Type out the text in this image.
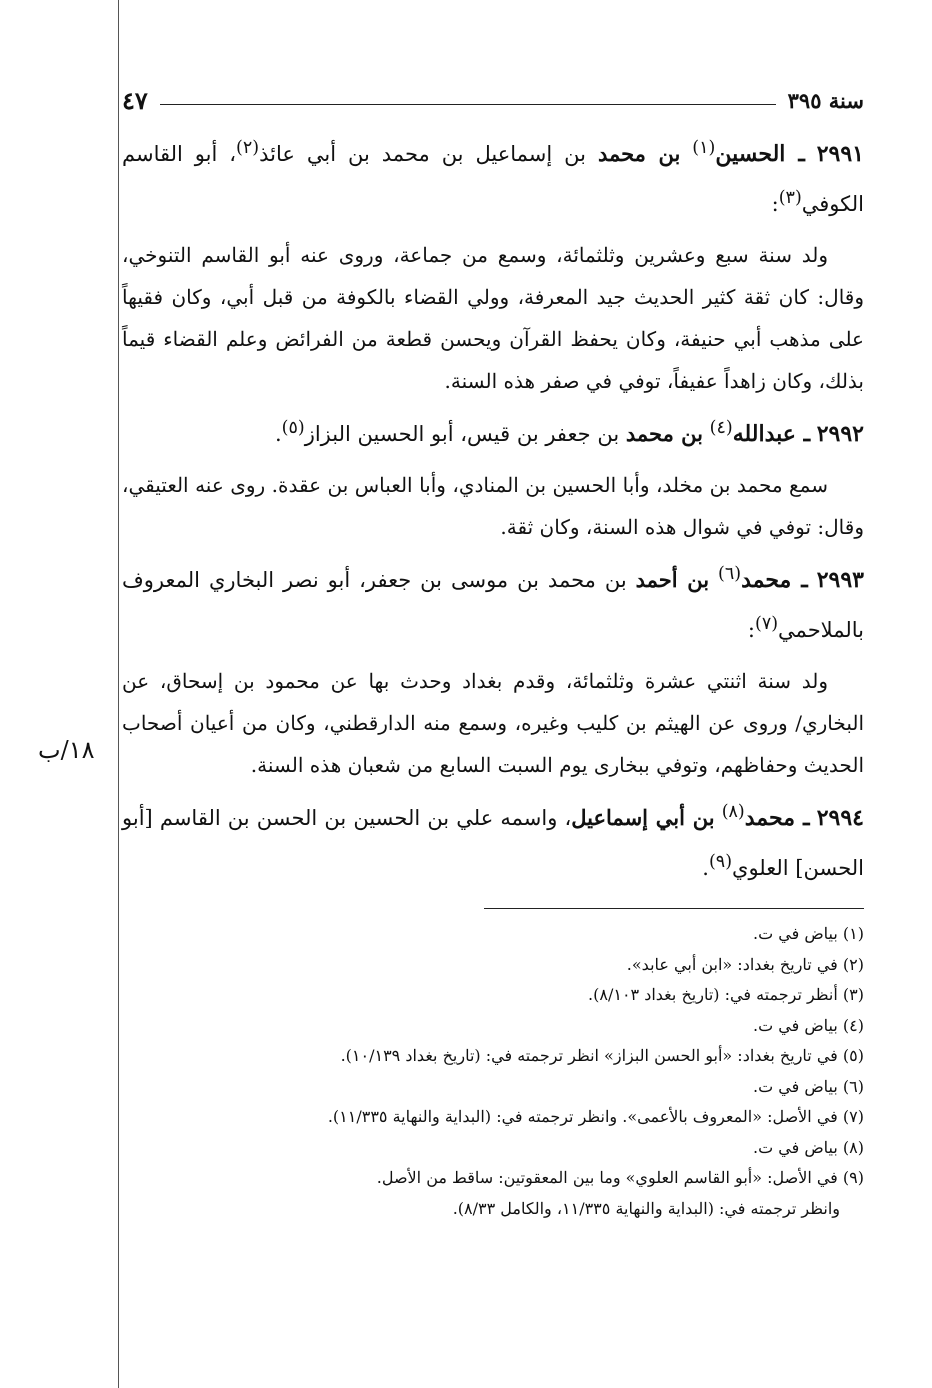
١٨/ب
سنة ٣٩٥
٤٧

٢٩٩١ ـ الحسين$^{(١)}$ بن محمد بن إسماعيل بن محمد بن أبي عائذ$^{(٢)}$، أبو القاسم الكوفي$^{(٣)}$:

ولد سنة سبع وعشرين وثلثمائة، وسمع من جماعة، وروى عنه أبو القاسم التنوخي، وقال: كان ثقة كثير الحديث جيد المعرفة، وولي القضاء بالكوفة من قبل أبي، وكان فقيهاً على مذهب أبي حنيفة، وكان يحفظ القرآن ويحسن قطعة من الفرائض وعلم القضاء قيماً بذلك، وكان زاهداً عفيفاً، توفي في صفر هذه السنة.

٢٩٩٢ ـ عبدالله$^{(٤)}$ بن محمد بن جعفر بن قيس، أبو الحسين البزاز$^{(٥)}$.

سمع محمد بن مخلد، وأبا الحسين بن المنادي، وأبا العباس بن عقدة. روى عنه العتيقي، وقال: توفي في شوال هذه السنة، وكان ثقة.

٢٩٩٣ ـ محمد$^{(٦)}$ بن أحمد بن محمد بن موسى بن جعفر، أبو نصر البخاري المعروف بالملاحمي$^{(٧)}$:

ولد سنة اثنتي عشرة وثلثمائة، وقدم بغداد وحدث بها عن محمود بن إسحاق، عن البخاري/ وروى عن الهيثم بن كليب وغيره، وسمع منه الدارقطني، وكان من أعيان أصحاب الحديث وحفاظهم، وتوفي ببخارى يوم السبت السابع من شعبان هذه السنة.

٢٩٩٤ ـ محمد$^{(٨)}$ بن أبي إسماعيل، واسمه علي بن الحسين بن الحسن بن القاسم [أبو الحسن] العلوي$^{(٩)}$.

(١) بياض في ت.
(٢) في تاريخ بغداد: «ابن أبي عابد».
(٣) أنظر ترجمته في: (تاريخ بغداد ٨/١٠٣).
(٤) بياض في ت.
(٥) في تاريخ بغداد: «أبو الحسن البزاز» انظر ترجمته في: (تاريخ بغداد ١٠/١٣٩).
(٦) بياض في ت.
(٧) في الأصل: «المعروف بالأعمى». وانظر ترجمته في: (البداية والنهاية ١١/٣٣٥).
(٨) بياض في ت.
(٩) في الأصل: «أبو القاسم العلوي» وما بين المعقوتين: ساقط من الأصل.
وانظر ترجمته في: (البداية والنهاية ١١/٣٣٥، والكامل ٨/٣٣).
